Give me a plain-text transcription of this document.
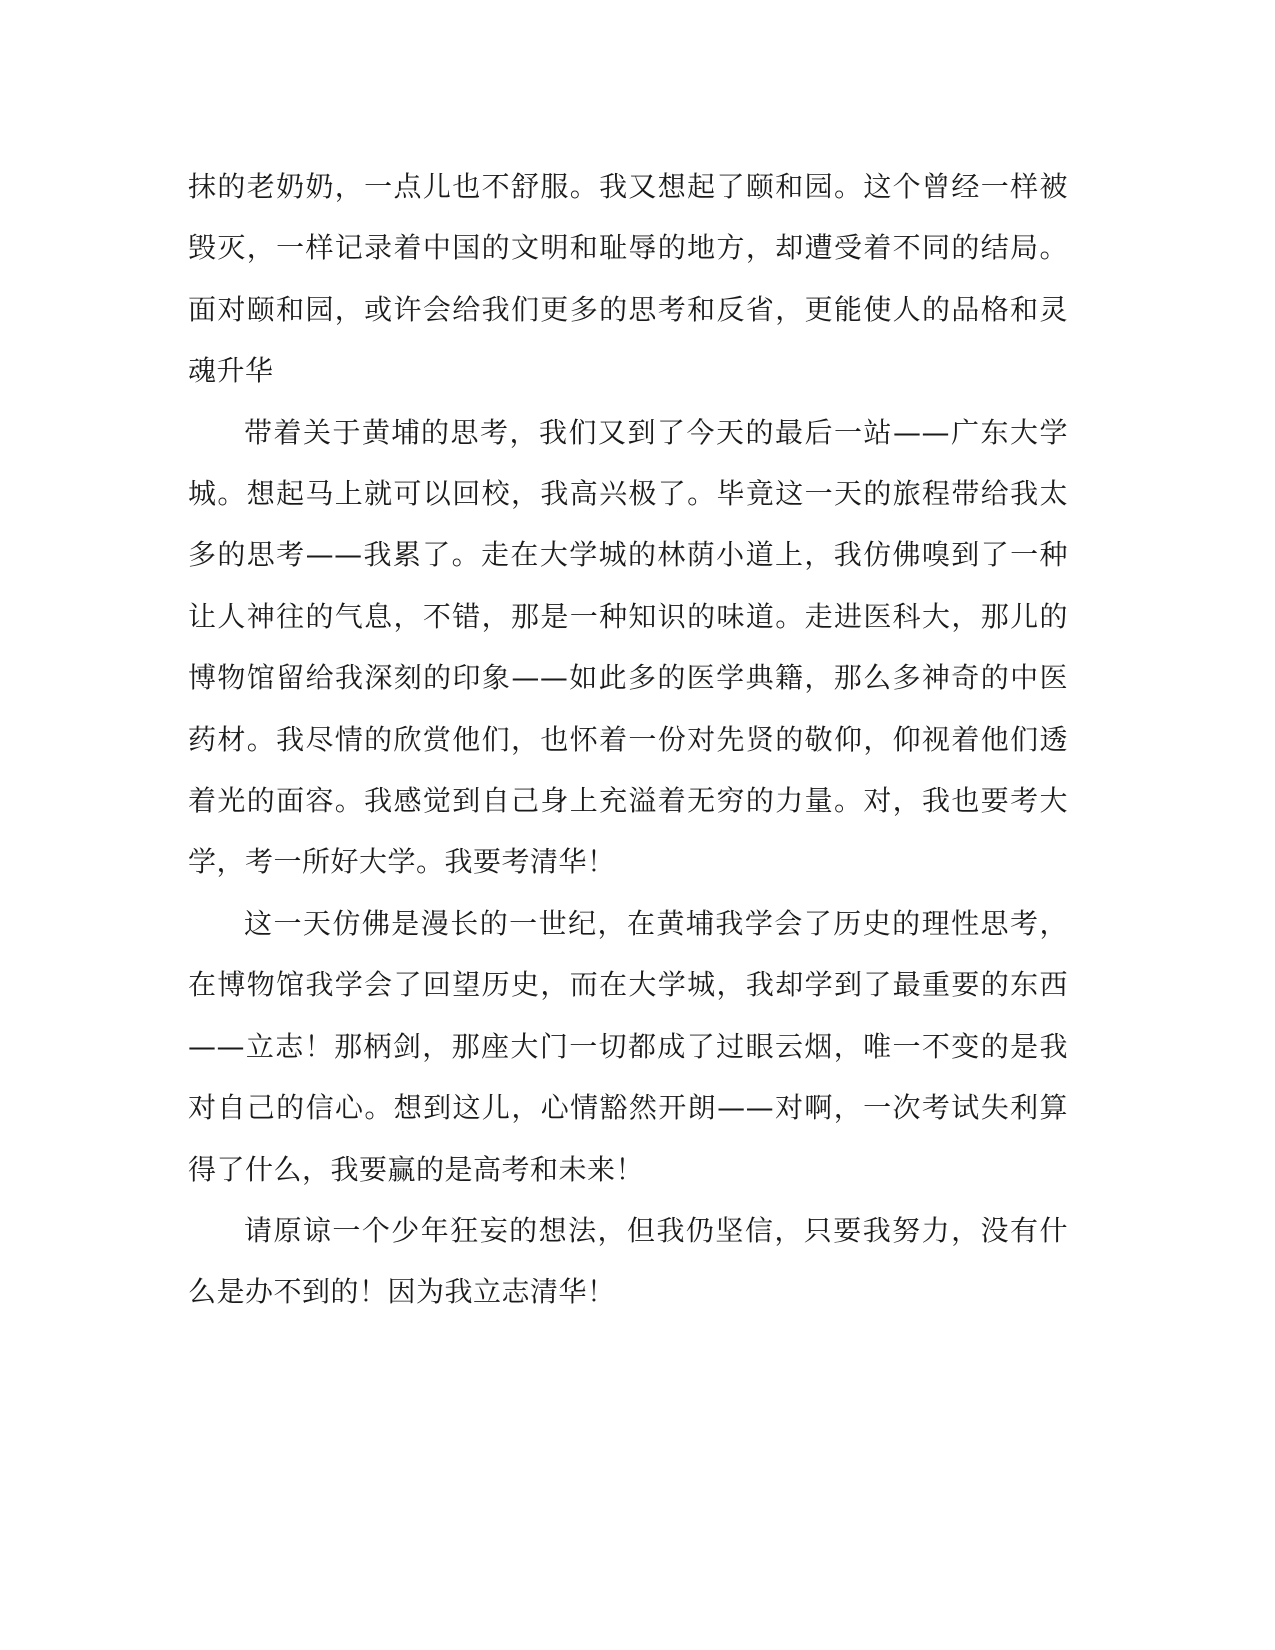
抹的老奶奶，一点儿也不舒服。我又想起了颐和园。这个曾经一样被毁灭，一样记录着中国的文明和耻辱的地方，却遭受着不同的结局。面对颐和园，或许会给我们更多的思考和反省，更能使人的品格和灵魂升华

带着关于黄埔的思考，我们又到了今天的最后一站——广东大学城。想起马上就可以回校，我高兴极了。毕竟这一天的旅程带给我太多的思考——我累了。走在大学城的林荫小道上，我仿佛嗅到了一种让人神往的气息，不错，那是一种知识的味道。走进医科大，那儿的博物馆留给我深刻的印象——如此多的医学典籍，那么多神奇的中医药材。我尽情的欣赏他们，也怀着一份对先贤的敬仰，仰视着他们透着光的面容。我感觉到自己身上充溢着无穷的力量。对，我也要考大学，考一所好大学。我要考清华！

这一天仿佛是漫长的一世纪，在黄埔我学会了历史的理性思考，在博物馆我学会了回望历史，而在大学城，我却学到了最重要的东西——立志！那柄剑，那座大门一切都成了过眼云烟，唯一不变的是我对自己的信心。想到这儿，心情豁然开朗——对啊，一次考试失利算得了什么，我要赢的是高考和未来！

请原谅一个少年狂妄的想法，但我仍坚信，只要我努力，没有什么是办不到的！因为我立志清华！
